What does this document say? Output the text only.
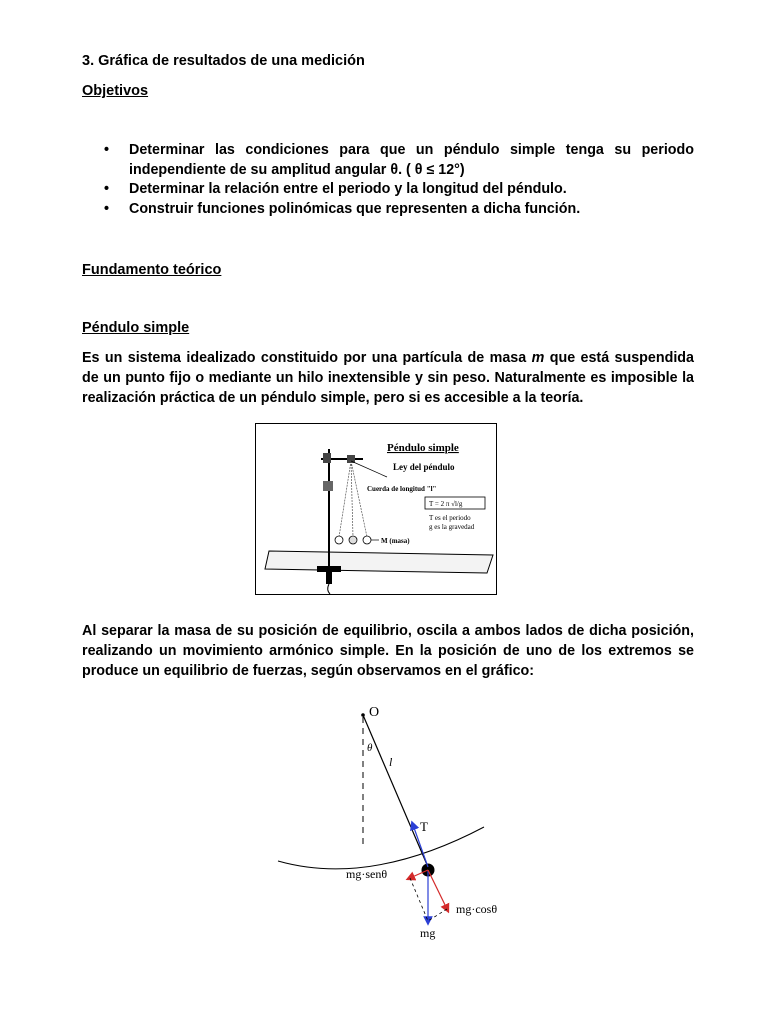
3. Gráfica de resultados de una medición
Objetivos
• Determinar las condiciones para que un péndulo simple tenga su periodo independiente de su amplitud angular θ. ( θ ≤ 12°)
• Determinar la relación entre el periodo y la longitud del péndulo.
• Construir funciones polinómicas que representen a dicha función.
Fundamento teórico
Péndulo simple

Es un sistema idealizado constituido por una partícula de masa m que está suspendida de un punto fijo o mediante un hilo inextensible y sin peso. Naturalmente es imposible la realización práctica de un péndulo simple, pero si es accesible a la teoría.

Péndulo simple
Ley del péndulo
Cuerda de longitud "l"
T = 2 π √l/g
T es el periodo
g es la gravedad
M (masa)

Al separar la masa de su posición de equilibrio, oscila a ambos lados de dicha posición, realizando un movimiento armónico simple. En la posición de uno de los extremos se produce un equilibrio de fuerzas, según observamos en el gráfico:

O
θ
l
T
mg·senθ
mg·cosθ
mg
